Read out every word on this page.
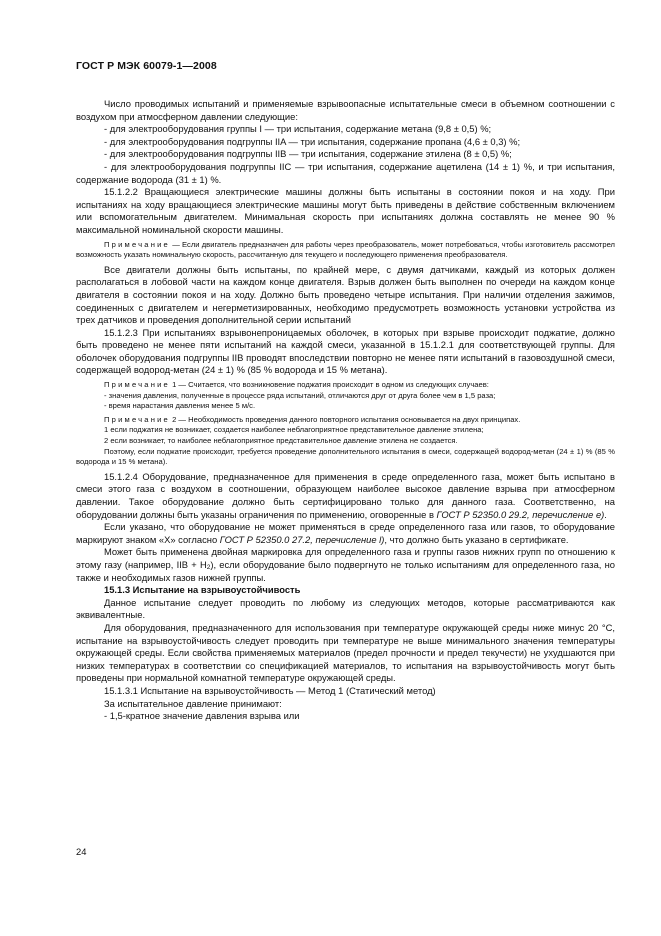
ГОСТ Р МЭК 60079-1—2008

Число проводимых испытаний и применяемые взрывоопасные испытательные смеси в объемном соотношении с воздухом при атмосферном давлении следующие:

- для электрооборудования группы I — три испытания, содержание метана (9,8 ± 0,5) %;

- для электрооборудования подгруппы IIA — три испытания, содержание пропана (4,6 ± 0,3) %;

- для электрооборудования подгруппы IIB — три испытания, содержание этилена (8 ± 0,5) %;

- для электрооборудования подгруппы IIC — три испытания, содержание ацетилена (14 ± 1) %, и три испытания, содержание водорода (31 ± 1) %.

15.1.2.2 Вращающиеся электрические машины должны быть испытаны в состоянии покоя и на ходу. При испытаниях на ходу вращающиеся электрические машины могут быть приведены в действие собственным включением или вспомогательным двигателем. Минимальная скорость при испытаниях должна составлять не менее 90 % максимальной номинальной скорости машины.

Примечание — Если двигатель предназначен для работы через преобразователь, может потребоваться, чтобы изготовитель рассмотрел возможность указать номинальную скорость, рассчитанную для текущего и последующего применения преобразователя.

Все двигатели должны быть испытаны, по крайней мере, с двумя датчиками, каждый из которых должен располагаться в лобовой части на каждом конце двигателя. Взрыв должен быть выполнен по очереди на каждом конце двигателя в состоянии покоя и на ходу. Должно быть проведено четыре испытания. При наличии отделения зажимов, соединенных с двигателем и негерметизированных, необходимо предусмотреть возможность установки устройства из трех датчиков и проведения дополнительной серии испытаний

15.1.2.3 При испытаниях взрывонепроницаемых оболочек, в которых при взрыве происходит поджатие, должно быть проведено не менее пяти испытаний на каждой смеси, указанной в 15.1.2.1 для соответствующей группы. Для оболочек оборудования подгруппы IIB проводят впоследствии повторно не менее пяти испытаний в газовоздушной смеси, содержащей водород-метан (24 ± 1) % (85 % водорода и 15 % метана).

Примечание 1 — Считается, что возникновение поджатия происходит в одном из следующих случаев:

- значения давления, полученные в процессе ряда испытаний, отличаются друг от друга более чем в 1,5 раза;

- время нарастания давления менее 5 м/с.

Примечание 2 — Необходимость проведения данного повторного испытания основывается на двух принципах.

1 если поджатия не возникает, создается наиболее неблагоприятное представительное давление этилена;

2 если возникает, то наиболее неблагоприятное представительное давление этилена не создается.

Поэтому, если поджатие происходит, требуется проведение дополнительного испытания в смеси, содержащей водород-метан (24 ± 1) % (85 % водорода и 15 % метана).

15.1.2.4 Оборудование, предназначенное для применения в среде определенного газа, может быть испытано в смеси этого газа с воздухом в соотношении, образующем наиболее высокое давление взрыва при атмосферном давлении. Такое оборудование должно быть сертифицировано только для данного газа. Соответственно, на оборудовании должны быть указаны ограничения по применению, оговоренные в ГОСТ Р 52350.0 29.2, перечисление е).

Если указано, что оборудование не может применяться в среде определенного газа или газов, то оборудование маркируют знаком «X» согласно ГОСТ Р 52350.0 27.2, перечисление l), что должно быть указано в сертификате.

Может быть применена двойная маркировка для определенного газа и группы газов нижних групп по отношению к этому газу (например, IIB + $H_2$), если оборудование было подвергнуто не только испытаниям для определенного газа, но также и необходимых газов нижней группы.

15.1.3 Испытание на взрывоустойчивость

Данное испытание следует проводить по любому из следующих методов, которые рассматриваются как эквивалентные.

Для оборудования, предназначенного для использования при температуре окружающей среды ниже минус 20 °С, испытание на взрывоустойчивость следует проводить при температуре не выше минимального значения температуры окружающей среды. Если свойства применяемых материалов (предел прочности и предел текучести) не ухудшаются при низких температурах в соответствии со спецификацией материалов, то испытания на взрывоустойчивость могут быть проведены при нормальной комнатной температуре окружающей среды.

15.1.3.1 Испытание на взрывоустойчивость — Метод 1 (Статический метод)

За испытательное давление принимают:

- 1,5-кратное значение давления взрыва или

24
